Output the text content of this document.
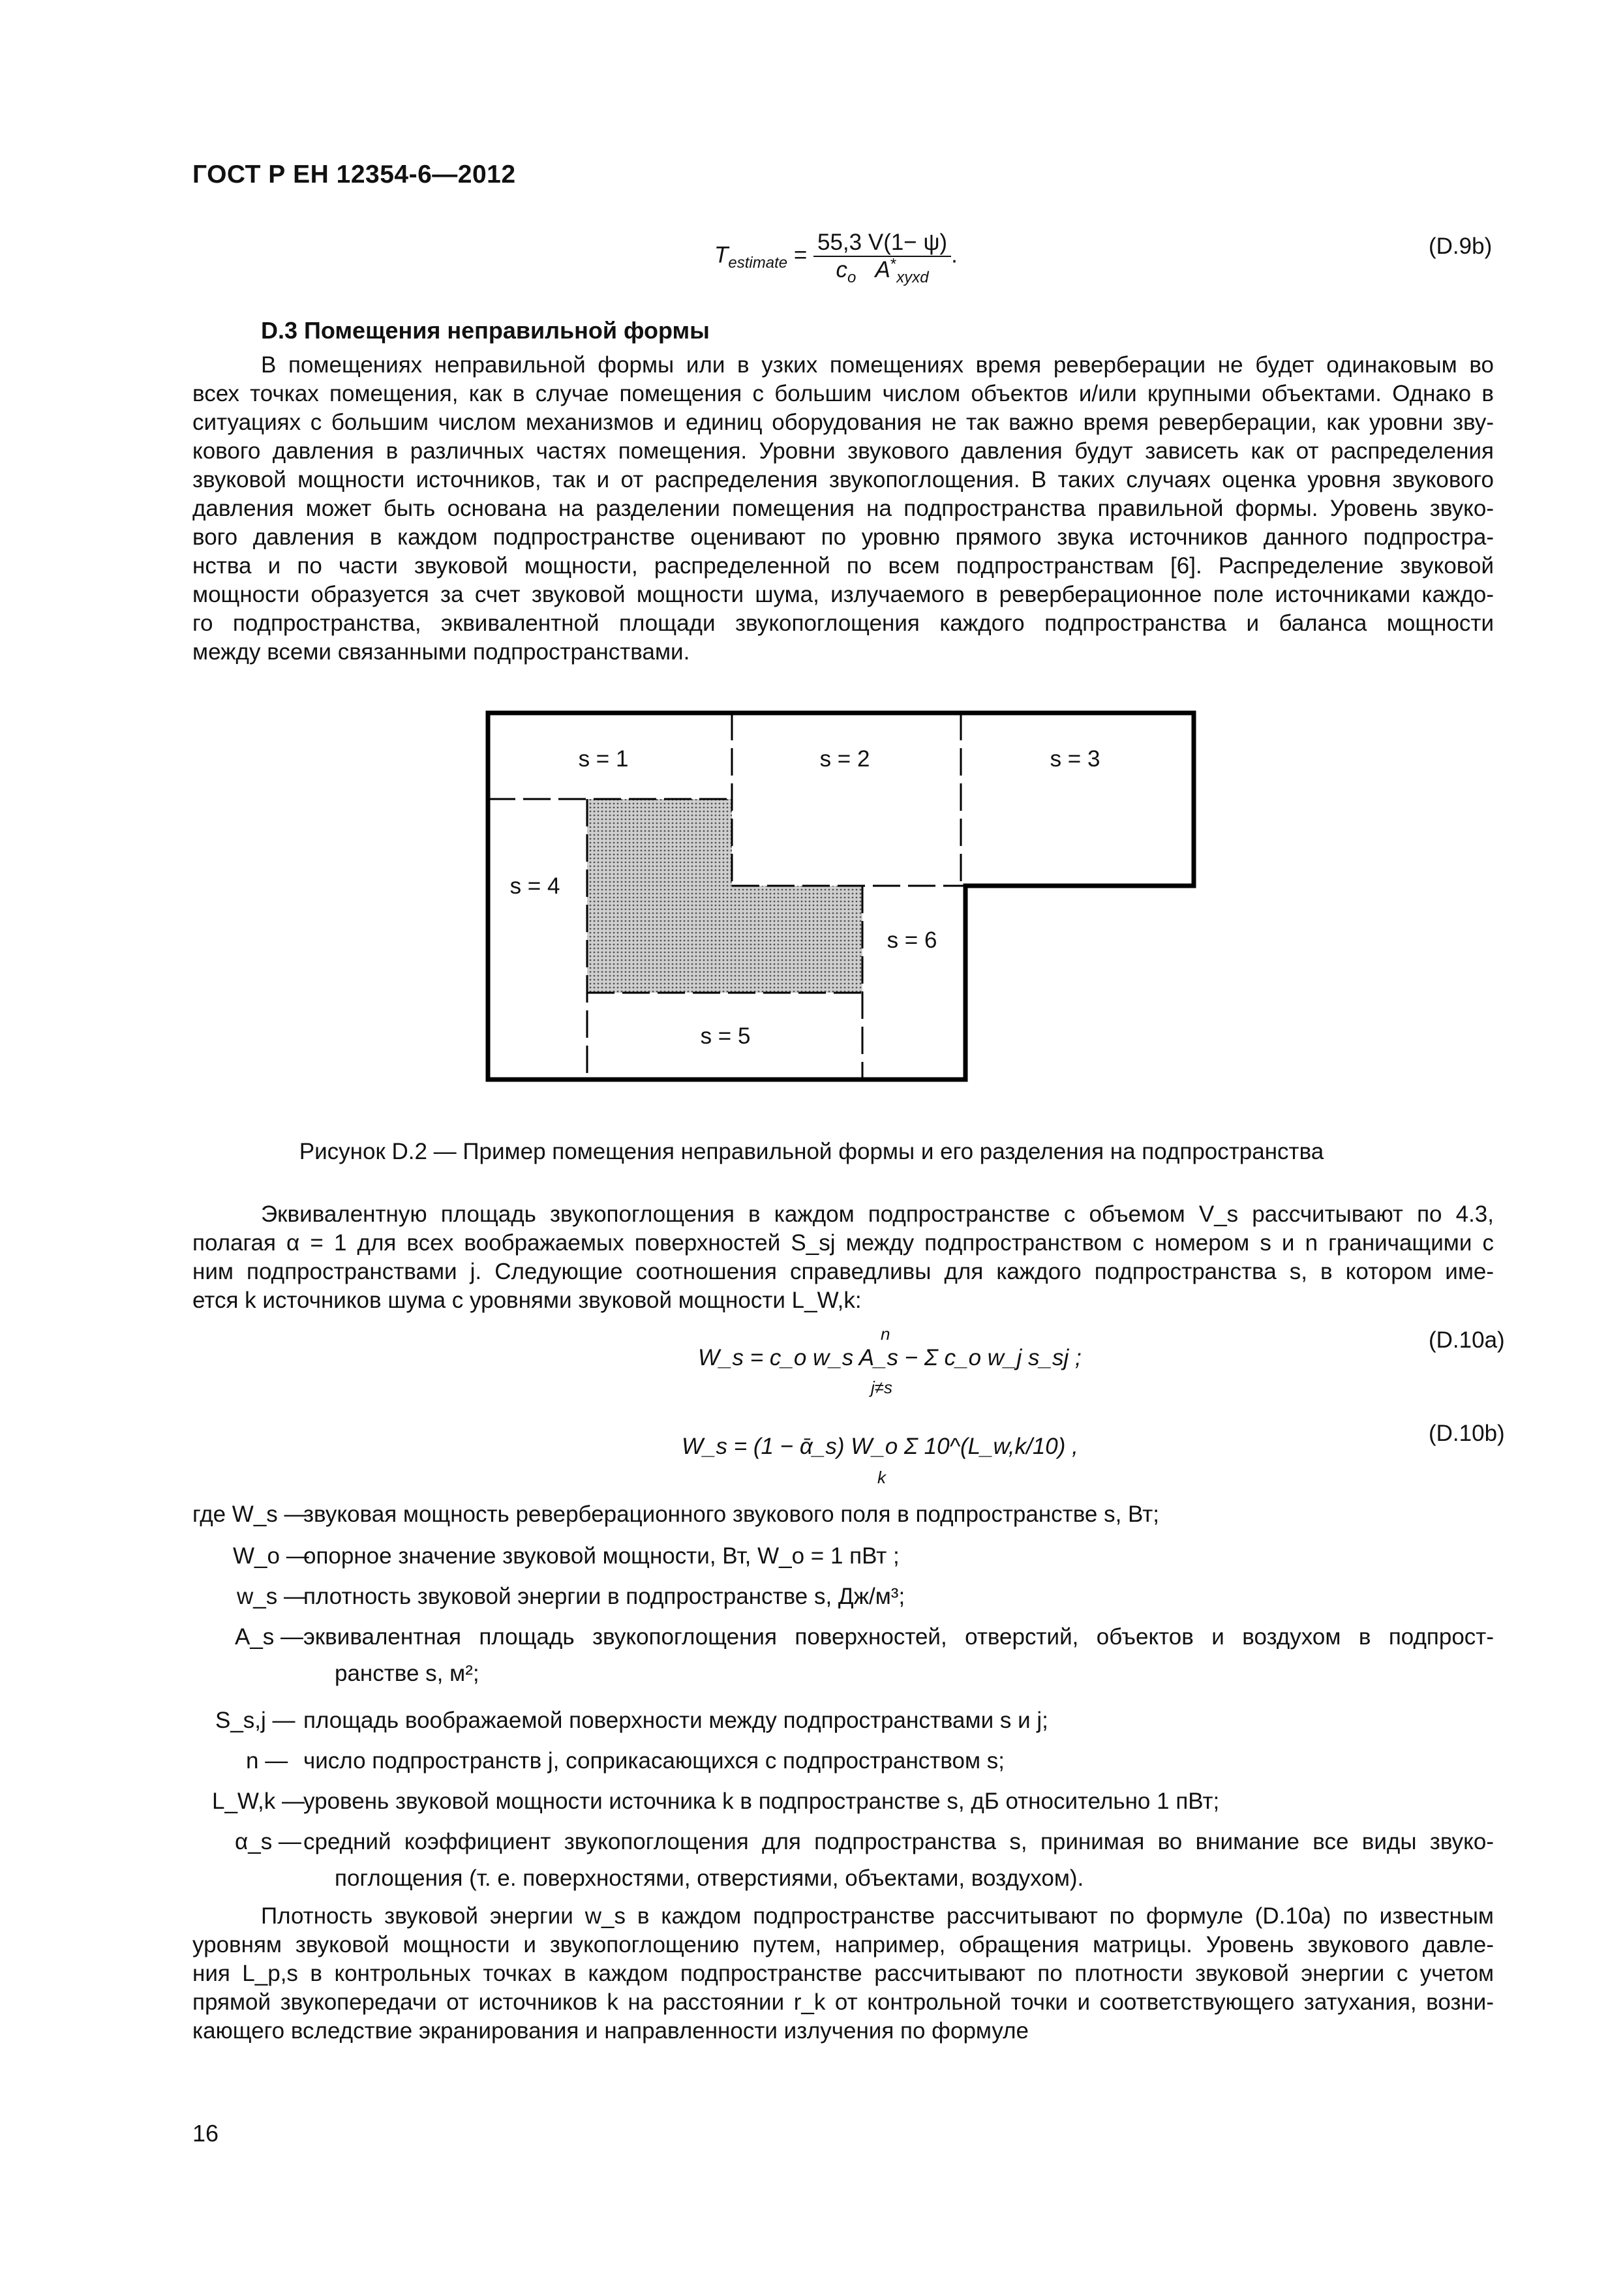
ГОСТ Р ЕН 12354-6—2012
$T_{estimate} = \frac{55,3 V(1- \psi)}{c_o A^*_{xyxd}}$ .	(D.9b)
D.3 Помещения неправильной формы
В помещениях неправильной формы или в узких помещениях время реверберации не будет одинаковым во
всех точках помещения, как в случае помещения с большим числом объектов и/или крупными объектами. Однако в
ситуациях с большим числом механизмов и единиц оборудования не так важно время реверберации, как уровни зву-
кового давления в различных частях помещения. Уровни звукового давления будут зависеть как от распределения
звуковой мощности источников, так и от распределения звукопоглощения. В таких случаях оценка уровня звукового
давления может быть основана на разделении помещения на подпространства правильной формы. Уровень звуко-
вого давления в каждом подпространстве оценивают по уровню прямого звука источников данного подпростра-
нства и по части звуковой мощности, распределенной по всем подпространствам [6]. Распределение звуковой
мощности образуется за счет звуковой мощности шума, излучаемого в реверберационное поле источниками каждо-
го подпространства, эквивалентной площади звукопоглощения каждого подпространства и баланса мощности
между всеми связанными подпространствами.
s = 1	s = 2	s = 3
s = 4
s = 6
s = 5
Рисунок D.2 — Пример помещения неправильной формы и его разделения на подпространства
Эквивалентную площадь звукопоглощения в каждом подпространстве с объемом V_s рассчитывают по 4.3,
полагая α = 1 для всех воображаемых поверхностей S_sj между подпространством с номером s и n граничащими с
ним подпространствами j. Следующие соотношения справедливы для каждого подпространства s, в котором име-
ется k источников шума с уровнями звуковой мощности L_W,k:
W_s = c_o w_s A_s − Σ c_o w_j s_sj ;
n
j≠s
(D.10a)
W_s = (1 − ᾱ_s) W_o Σ 10^(L_w,k/10) ,
k
(D.10b)
где W_s —
звуковая мощность реверберационного звукового поля в подпространстве s, Вт;
W_o —
опорное значение звуковой мощности, Вт, W_o = 1 пВт ;
w_s —
плотность звуковой энергии в подпространстве s, Дж/м³;
A_s — эквивалентная площадь звукопоглощения поверхностей, отверстий, объектов и воздухом в подпрост-
ранстве s, м²;
S_s,j — площадь воображаемой поверхности между подпространствами s и j;
n — число подпространств j, соприкасающихся с подпространством s;
L_W,k —
уровень звуковой мощности источника k в подпространстве s, дБ относительно 1 пВт;
α_s — средний коэффициент звукопоглощения для подпространства s, принимая во внимание все виды звуко-
поглощения (т. е. поверхностями, отверстиями, объектами, воздухом).
Плотность звуковой энергии w_s в каждом подпространстве рассчитывают по формуле (D.10a) по известным
уровням звуковой мощности и звукопоглощению путем, например, обращения матрицы. Уровень звукового давле-
ния L_p,s в контрольных точках в каждом подпространстве рассчитывают по плотности звуковой энергии с учетом
прямой звукопередачи от источников k на расстоянии r_k от контрольной точки и соответствующего затухания, возни-
кающего вследствие экранирования и направленности излучения по формуле
16
